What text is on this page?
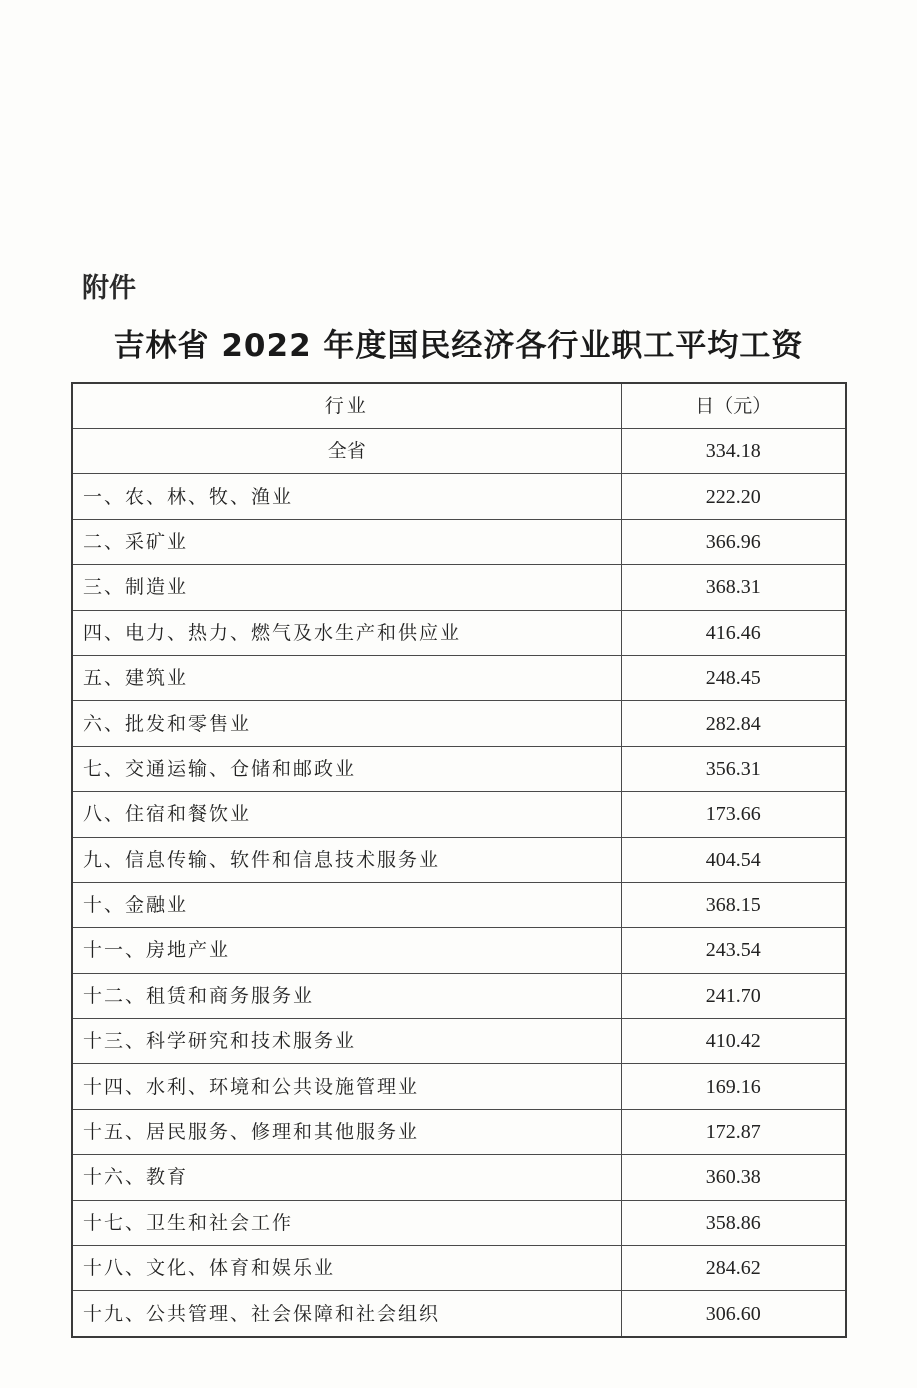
附件
吉林省 2022 年度国民经济各行业职工平均工资
行业	日（元）
全省	334.18
一、农、林、牧、渔业	222.20
二、采矿业	366.96
三、制造业	368.31
四、电力、热力、燃气及水生产和供应业	416.46
五、建筑业	248.45
六、批发和零售业	282.84
七、交通运输、仓储和邮政业	356.31
八、住宿和餐饮业	173.66
九、信息传输、软件和信息技术服务业	404.54
十、金融业	368.15
十一、房地产业	243.54
十二、租赁和商务服务业	241.70
十三、科学研究和技术服务业	410.42
十四、水利、环境和公共设施管理业	169.16
十五、居民服务、修理和其他服务业	172.87
十六、教育	360.38
十七、卫生和社会工作	358.86
十八、文化、体育和娱乐业	284.62
十九、公共管理、社会保障和社会组织	306.60
